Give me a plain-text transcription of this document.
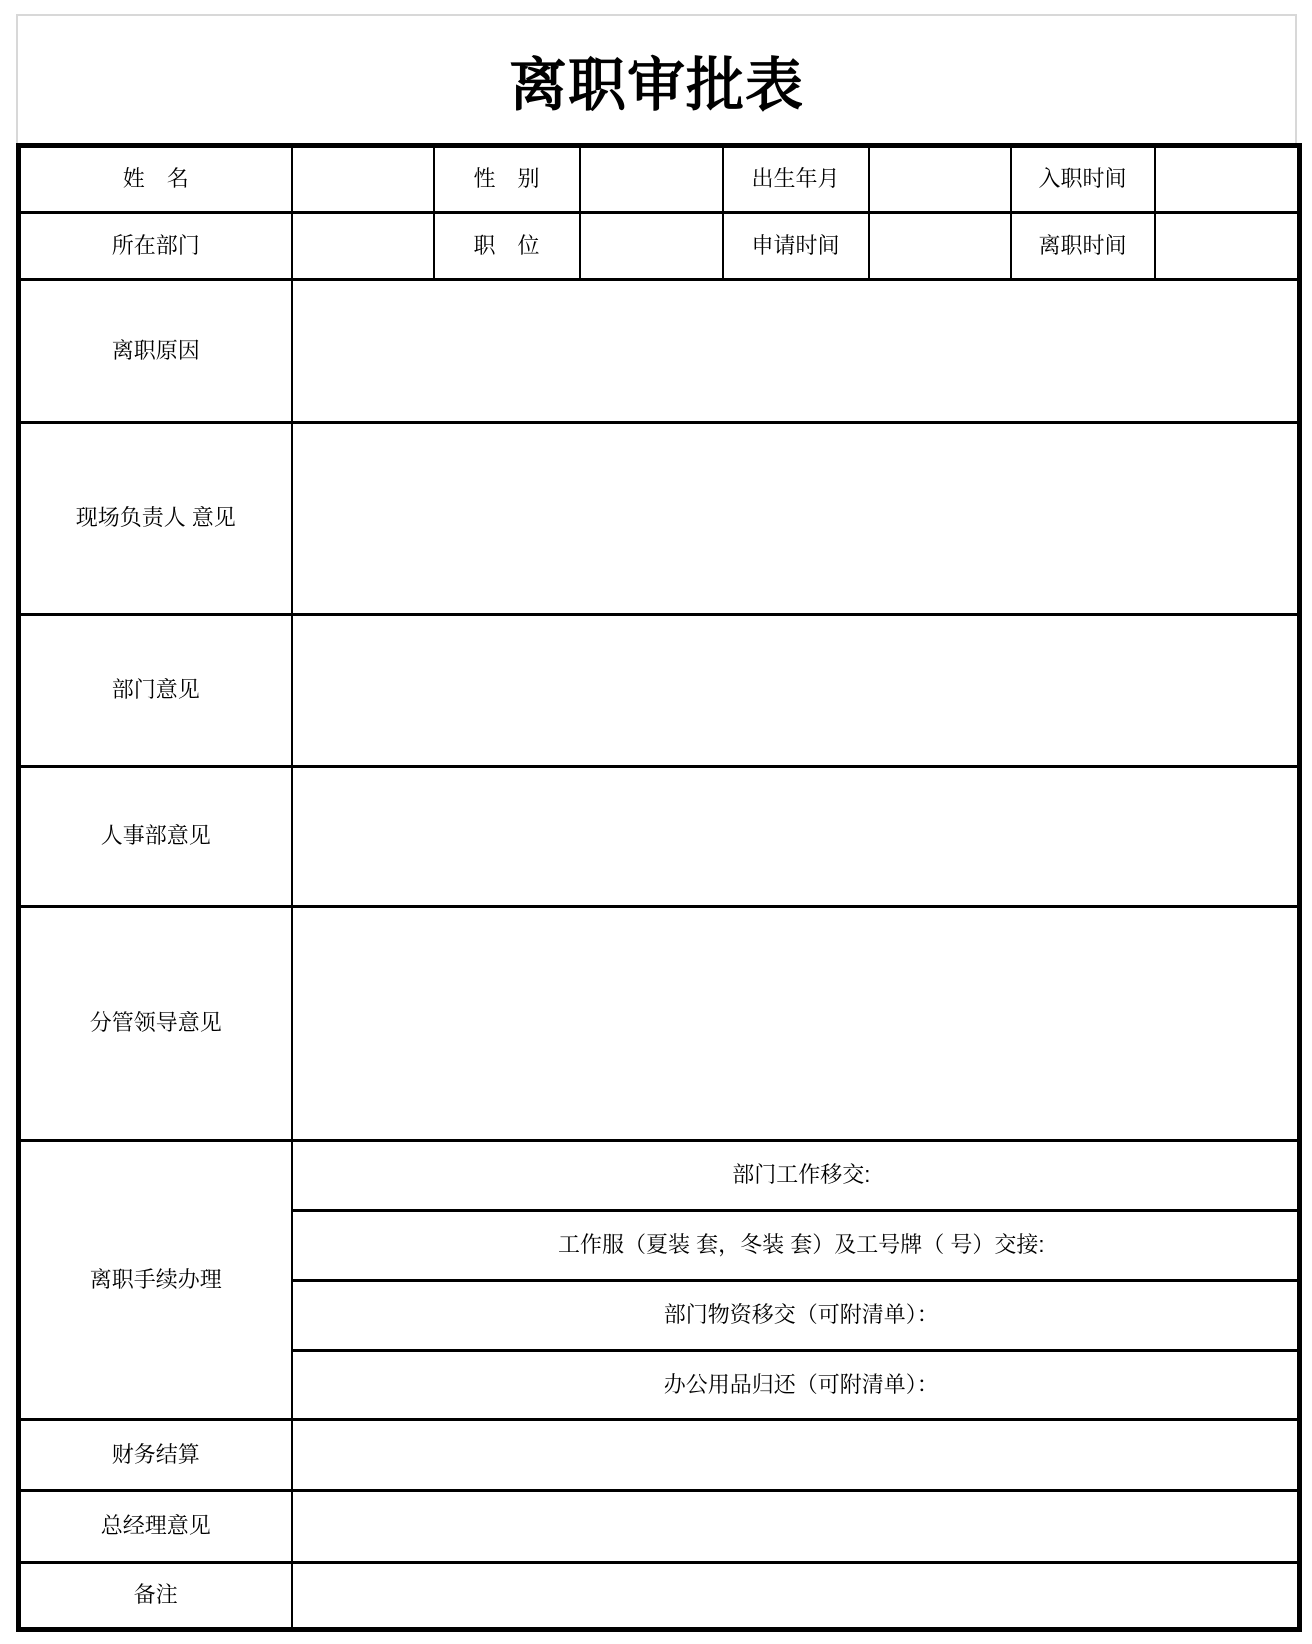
离职审批表
姓　名		性　别		出生年月		入职时间	
所在部门		职　位		申请时间		离职时间	
离职原因							
现场负责人 意见							
部门意见							
人事部意见							
分管领导意见							
离职手续办理	部门工作移交:						
	工作服（夏装 套，冬装 套）及工号牌（ 号）交接:						
	部门物资移交（可附清单）：						
	办公用品归还（可附清单）：						
财务结算							
总经理意见							
备注							
